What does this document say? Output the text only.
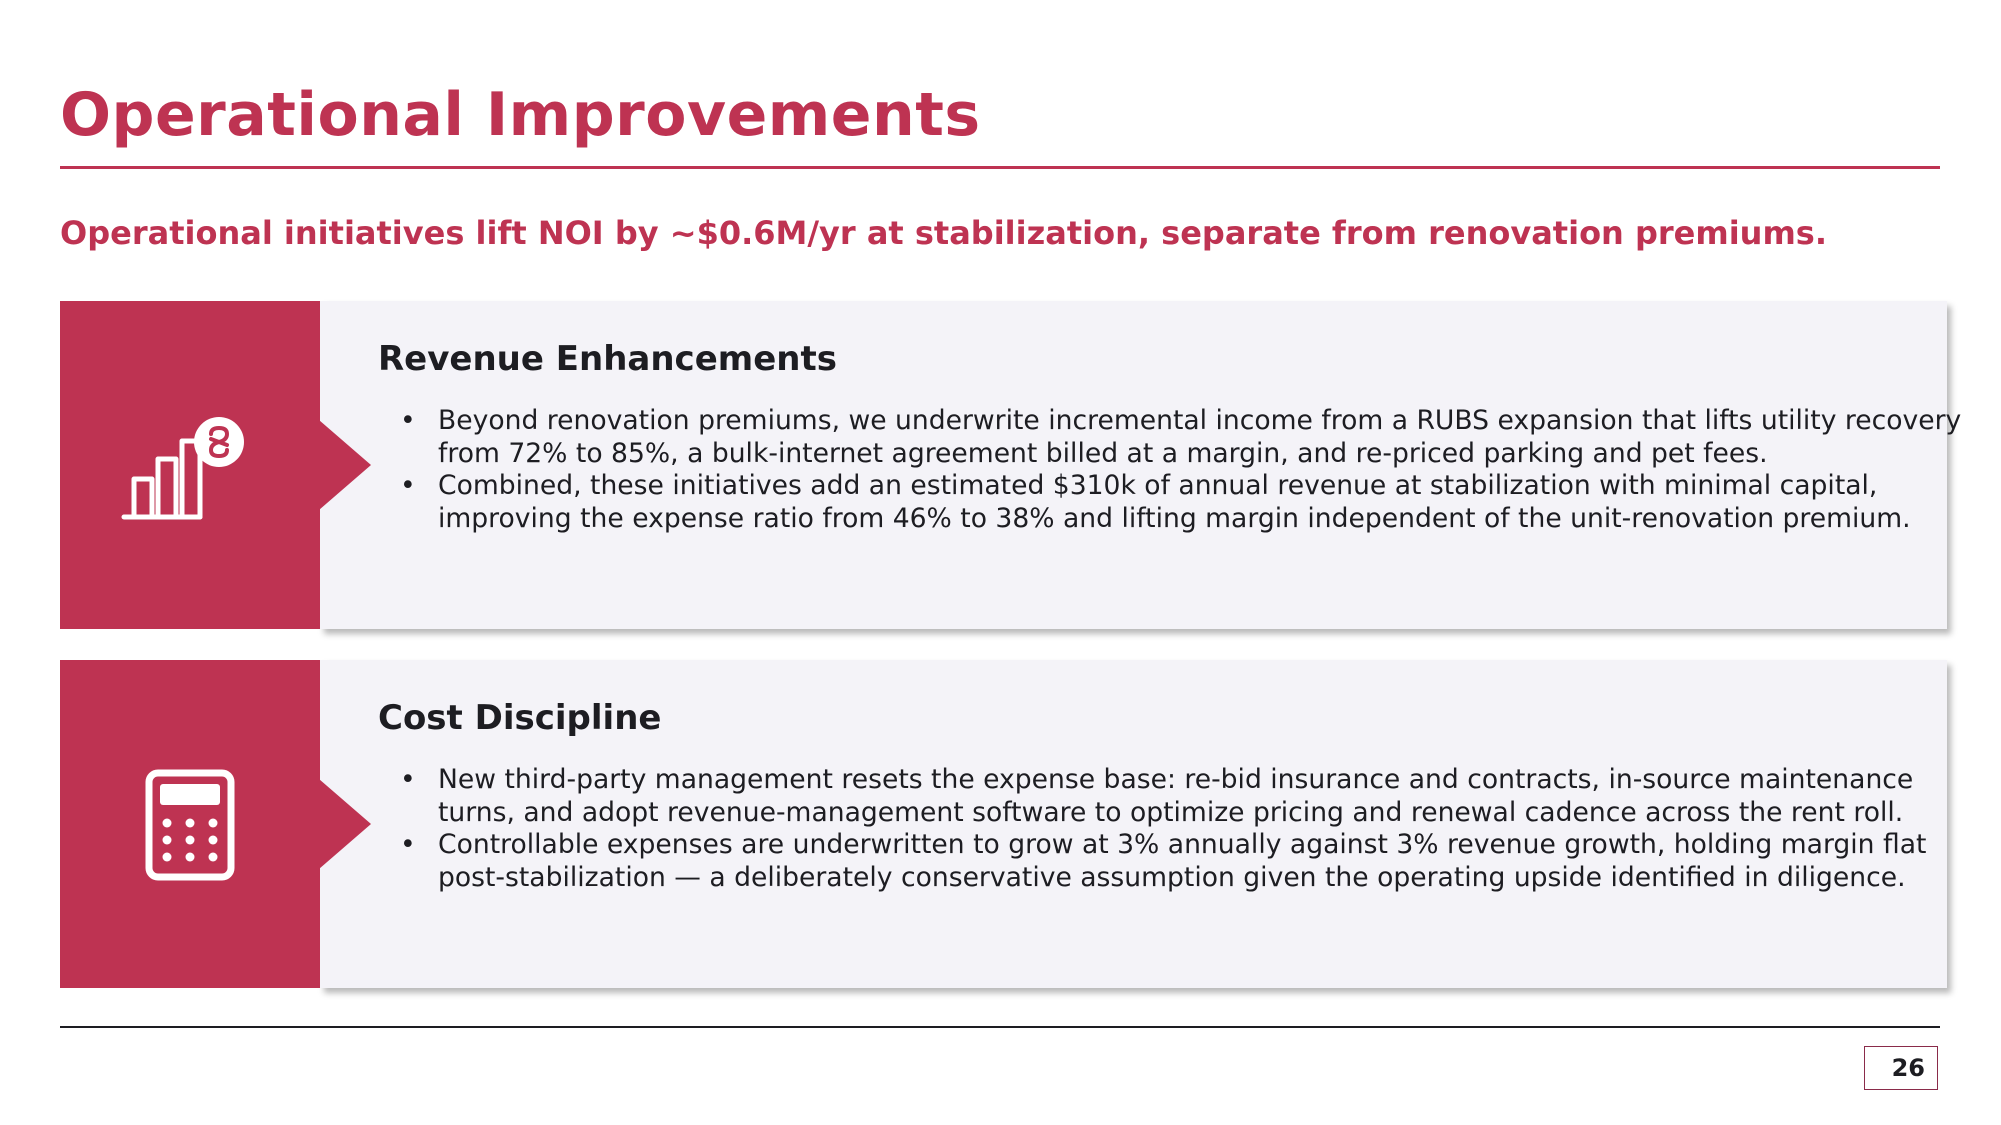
Operational Improvements
Operational initiatives lift NOI by ~$0.6M/yr at stabilization, separate from renovation premiums.
Revenue Enhancements
• Beyond renovation premiums, we underwrite incremental income from a RUBS expansion that lifts utility recovery from 72% to 85%, a bulk-internet agreement billed at a margin, and re-priced parking and pet fees.
• Combined, these initiatives add an estimated $310k of annual revenue at stabilization with minimal capital, improving the expense ratio from 46% to 38% and lifting margin independent of the unit-renovation premium.
Cost Discipline
• New third-party management resets the expense base: re-bid insurance and contracts, in-source maintenance turns, and adopt revenue-management software to optimize pricing and renewal cadence across the rent roll.
• Controllable expenses are underwritten to grow at 3% annually against 3% revenue growth, holding margin flat post-stabilization — a deliberately conservative assumption given the operating upside identified in diligence.
26
